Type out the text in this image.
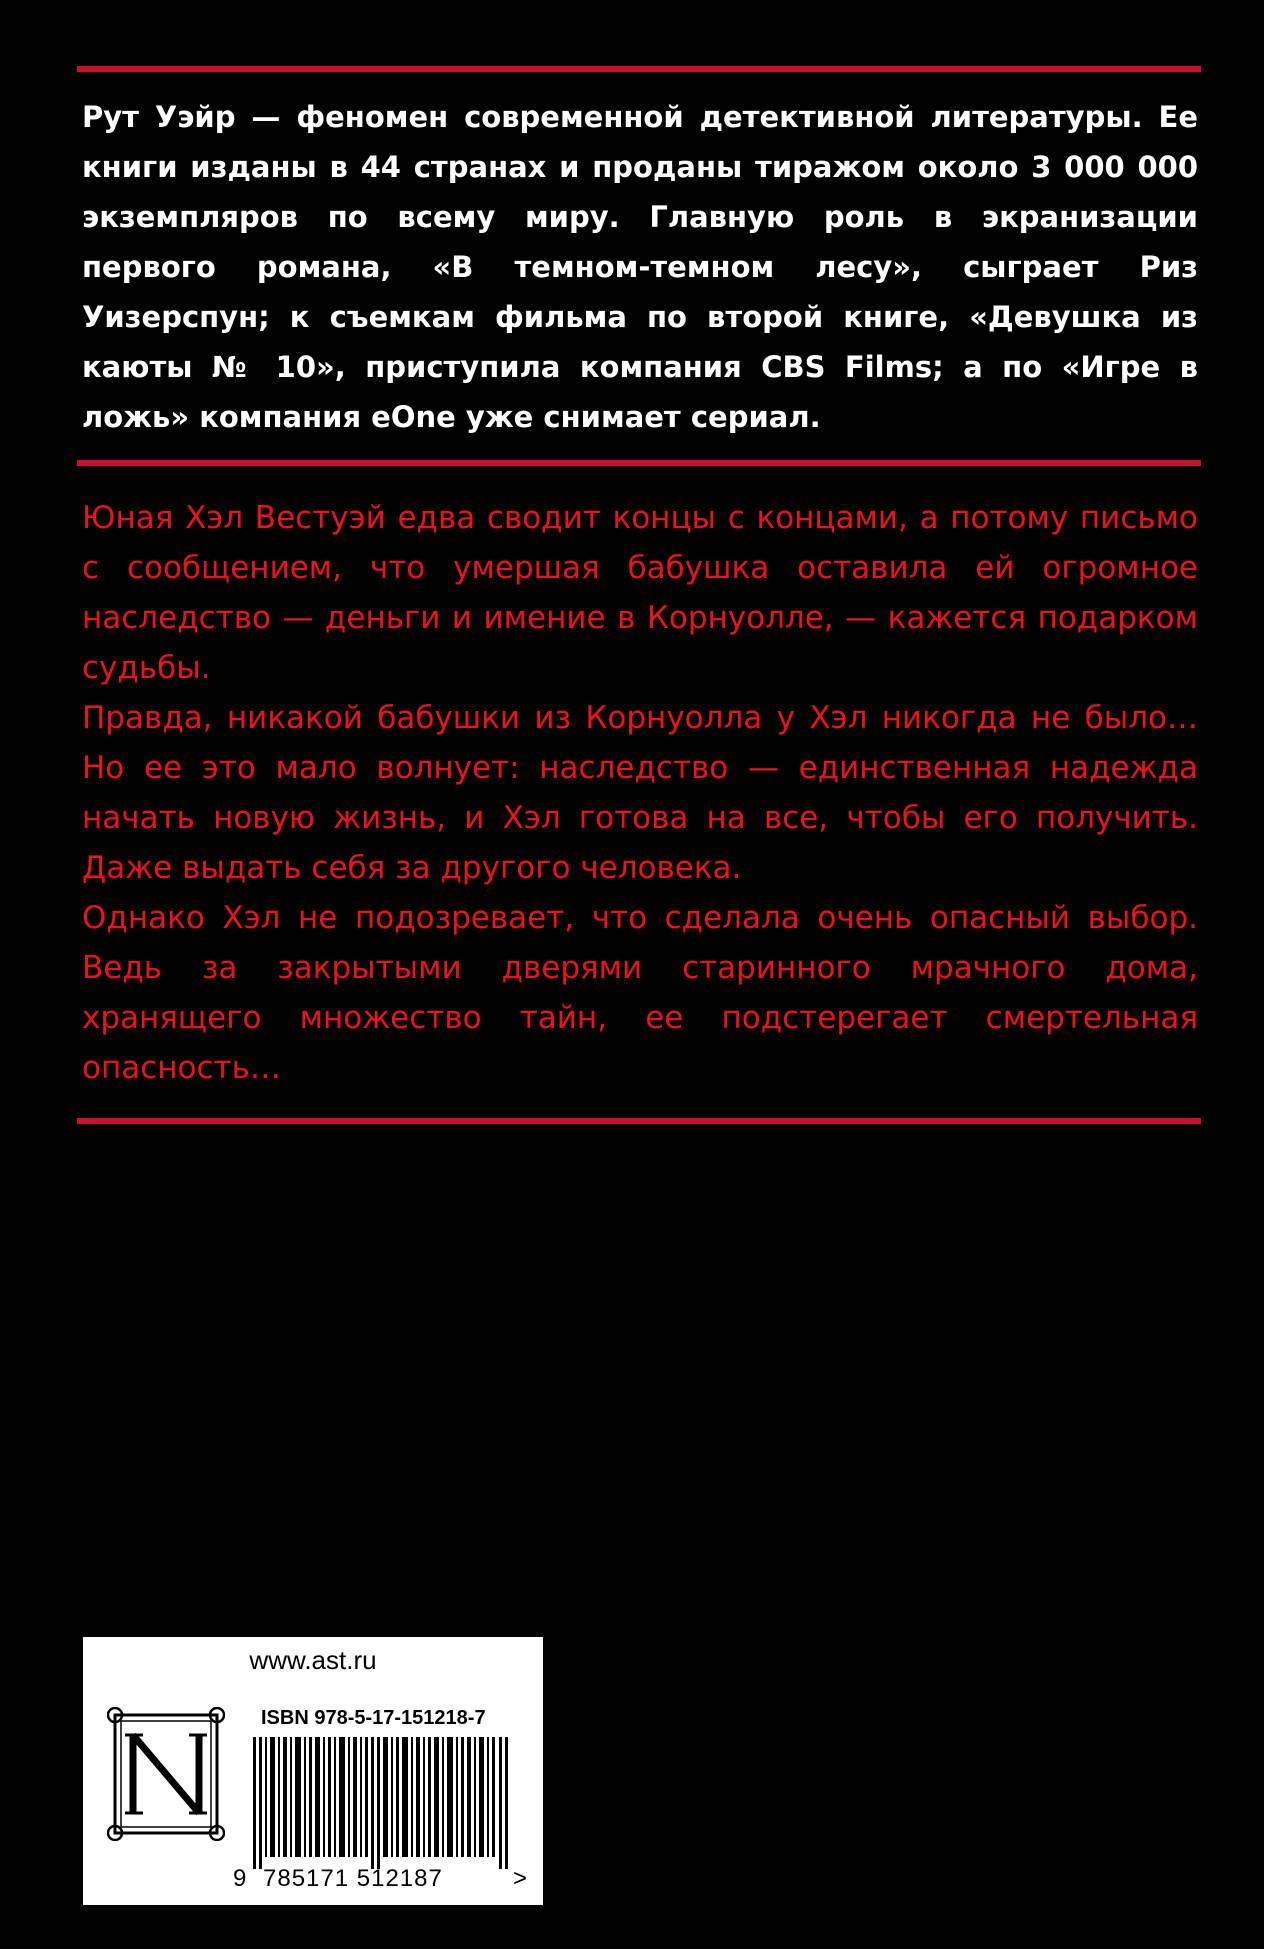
Рут Уэйр — феномен современной детективной литературы. Ее книги изданы в 44 странах и проданы тиражом около 3 000 000 экземпляров по всему миру. Главную роль в экранизации первого романа, «В темном-темном лесу», сыграет Риз Уизерспун; к съемкам фильма по второй книге, «Девушка из каюты № 10», приступила компания CBS Films; а по «Игре в ложь» компания eOne уже снимает сериал.

Юная Хэл Вестуэй едва сводит концы с концами, а потому письмо с сообщением, что умершая бабушка оставила ей огромное наследство — деньги и имение в Корнуолле, — кажется подарком судьбы.

Правда, никакой бабушки из Корнуолла у Хэл никогда не было… Но ее это мало волнует: наследство — единственная надежда начать новую жизнь, и Хэл готова на все, чтобы его получить. Даже выдать себя за другого человека.

Однако Хэл не подозревает, что сделала очень опасный выбор. Ведь за закрытыми дверями старинного мрачного дома, хранящего множество тайн, ее подстерегает смертельная опасность…

www.ast.ru
ISBN 978-5-17-151218-7
9 785171 512187	>
